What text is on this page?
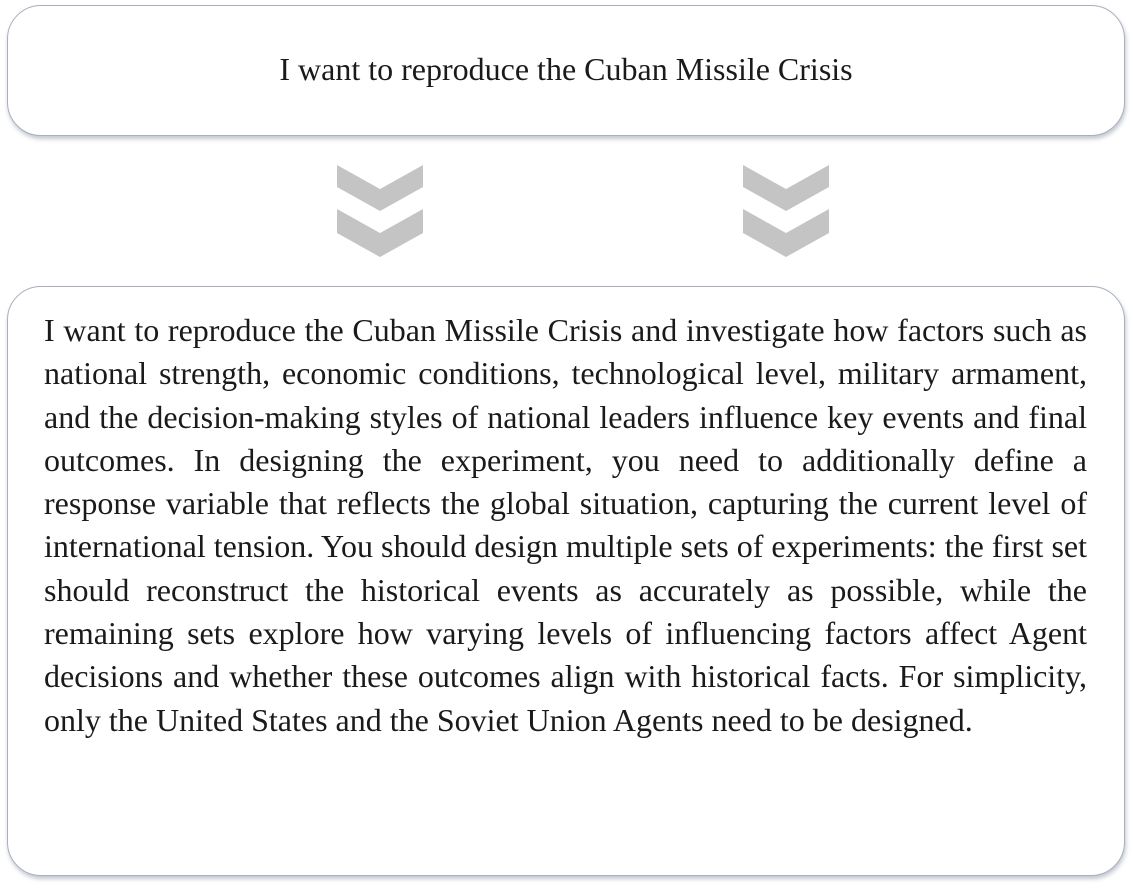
I want to reproduce the Cuban Missile Crisis

I want to reproduce the Cuban Missile Crisis and investigate how factors such as national strength, economic conditions, technological level, military armament, and the decision-making styles of national leaders influence key events and final outcomes. In designing the experiment, you need to additionally define a response variable that reflects the global situation, capturing the current level of international tension. You should design multiple sets of experiments: the first set should reconstruct the historical events as accurately as possible, while the remaining sets explore how varying levels of influencing factors affect Agent decisions and whether these outcomes align with historical facts. For simplicity, only the United States and the Soviet Union Agents need to be designed.
